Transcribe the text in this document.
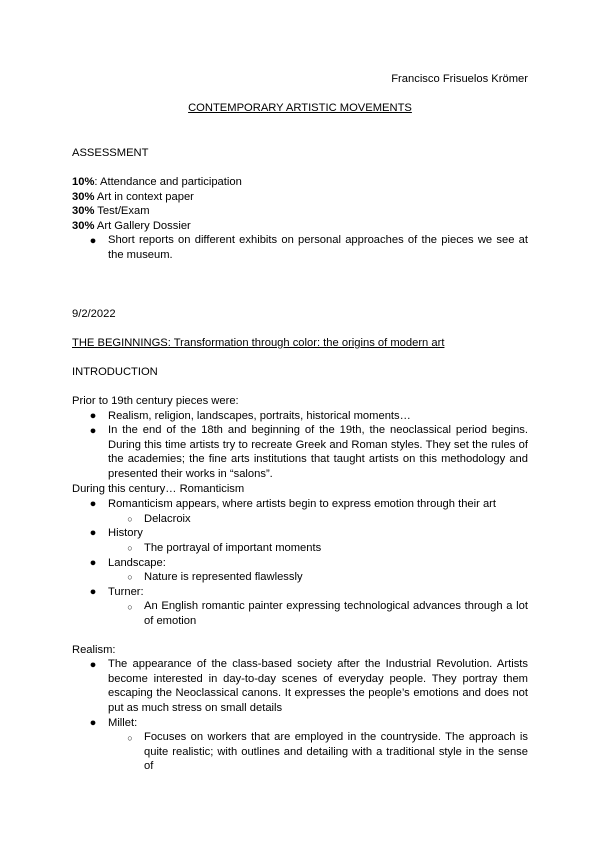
Francisco Frisuelos Krömer
CONTEMPORARY ARTISTIC MOVEMENTS
ASSESSMENT
10%: Attendance and participation
30% Art in context paper
30% Test/Exam
30% Art Gallery Dossier
● Short reports on different exhibits on personal approaches of the pieces we see at the museum.
9/2/2022
THE BEGINNINGS: Transformation through color: the origins of modern art
INTRODUCTION
Prior to 19th century pieces were:
● Realism, religion, landscapes, portraits, historical moments…
● In the end of the 18th and beginning of the 19th, the neoclassical period begins. During this time artists try to recreate Greek and Roman styles. They set the rules of the academies; the fine arts institutions that taught artists on this methodology and presented their works in “salons”.
During this century… Romanticism
● Romanticism appears, where artists begin to express emotion through their art
○ Delacroix
● History
○ The portrayal of important moments
● Landscape:
○ Nature is represented flawlessly
● Turner:
○ An English romantic painter expressing technological advances through a lot of emotion
Realism:
● The appearance of the class-based society after the Industrial Revolution. Artists become interested in day-to-day scenes of everyday people. They portray them escaping the Neoclassical canons. It expresses the people’s emotions and does not put as much stress on small details
● Millet:
○ Focuses on workers that are employed in the countryside. The approach is quite realistic; with outlines and detailing with a traditional style in the sense of
